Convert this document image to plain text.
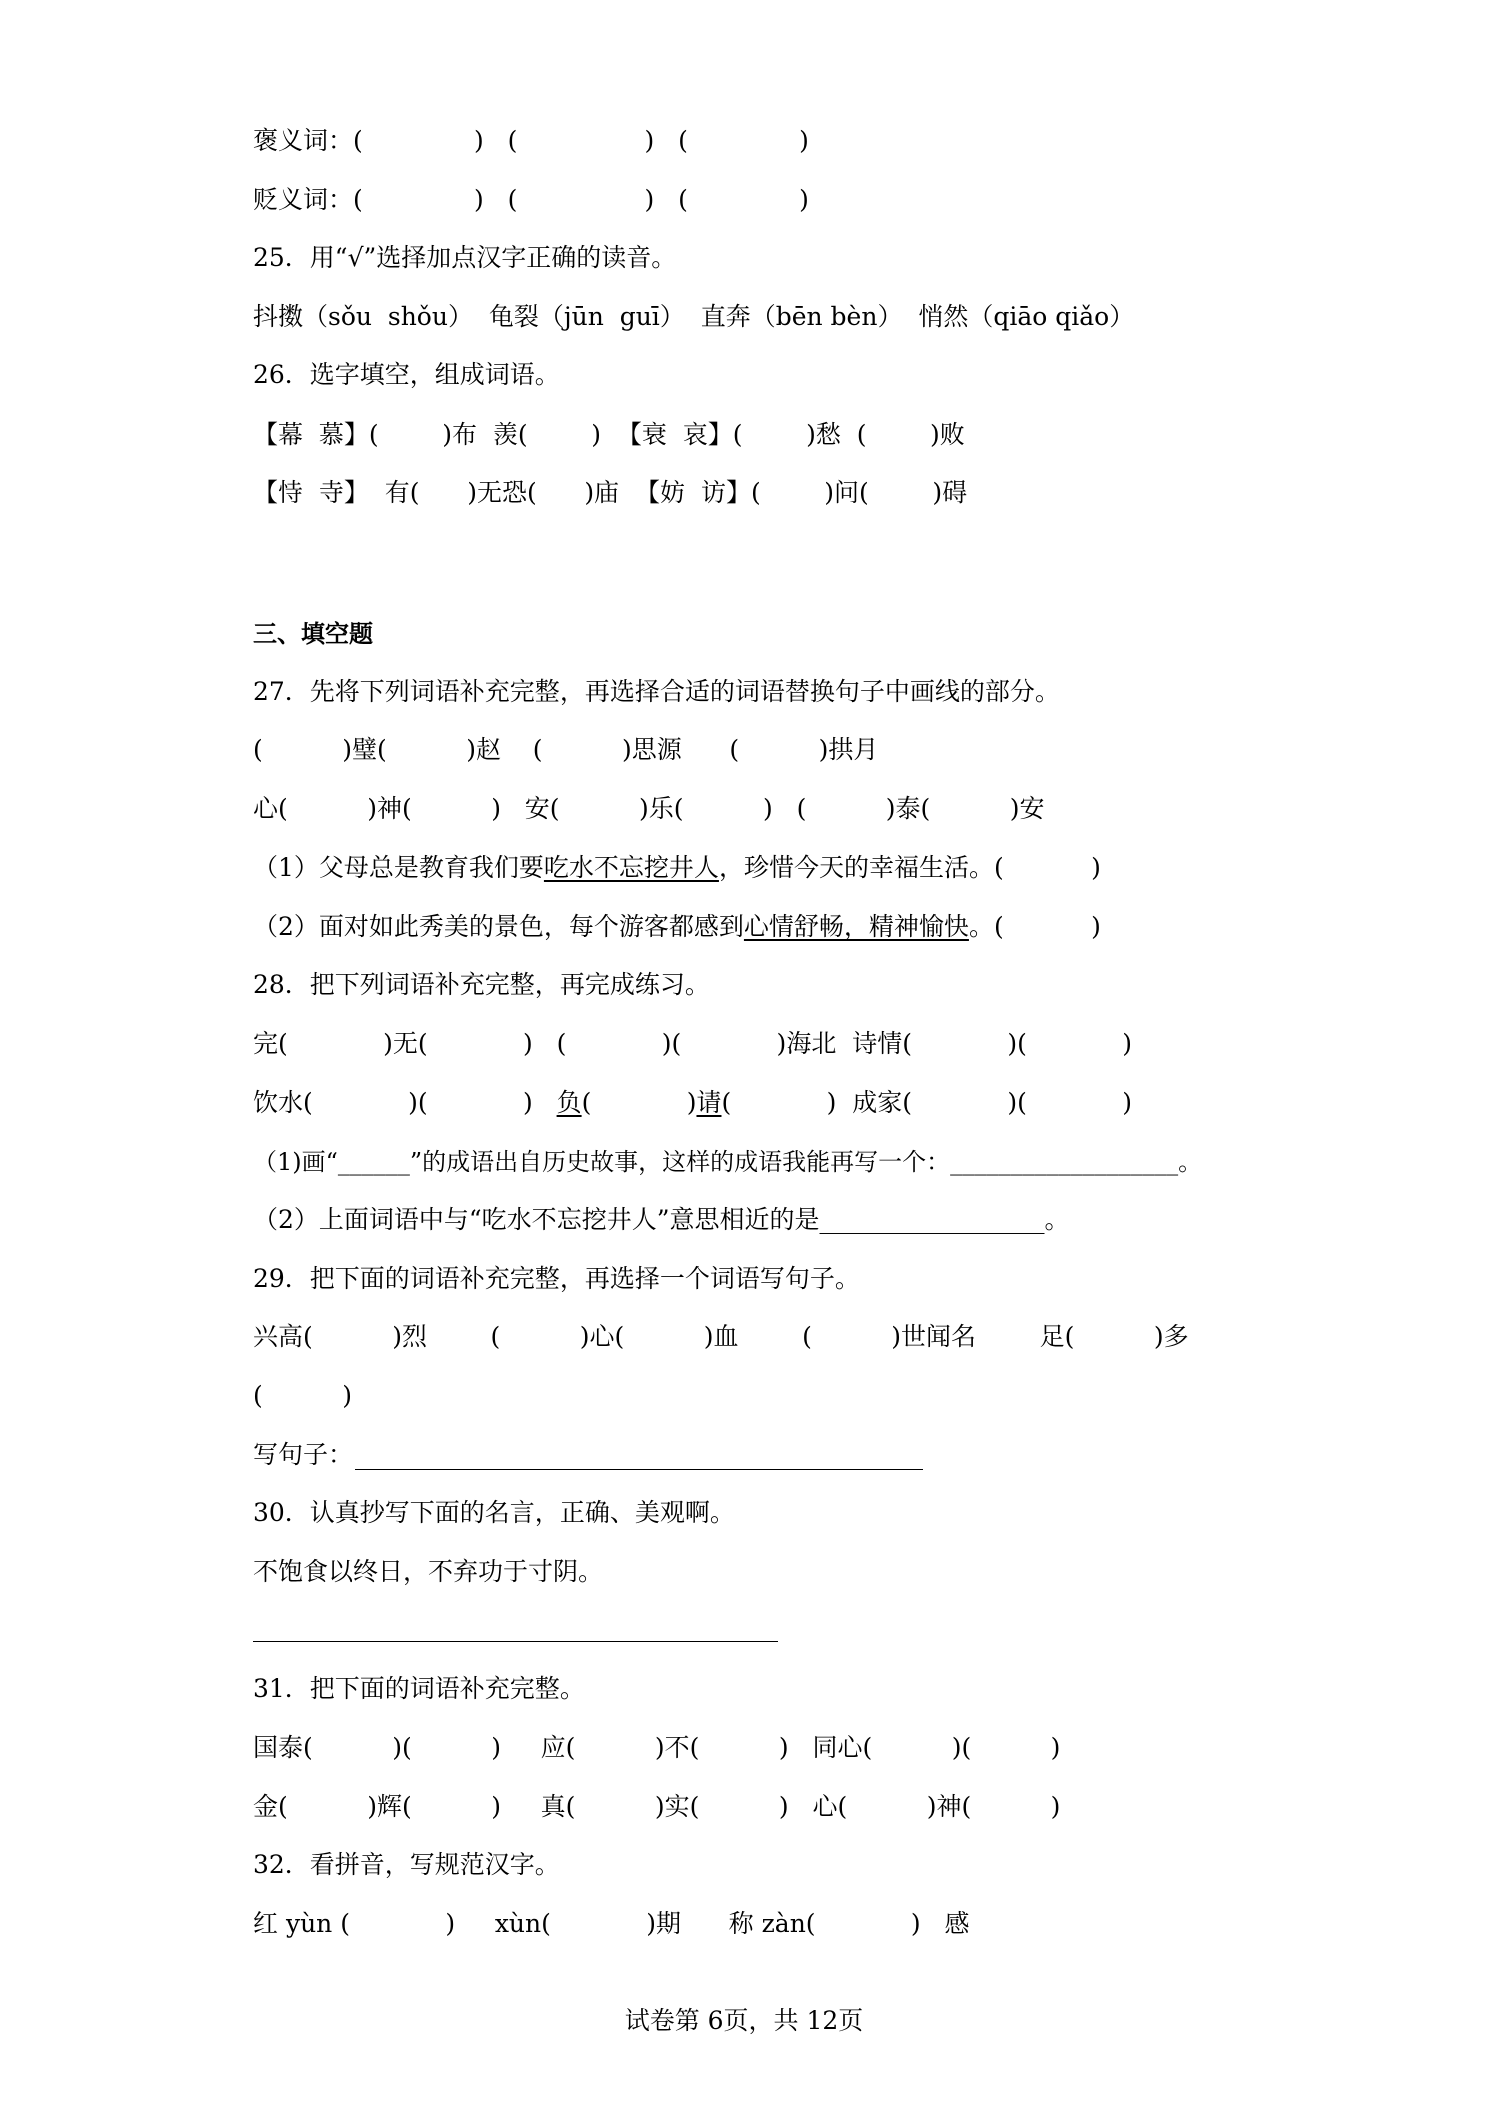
褒义词：(              )   (                )   (              )
贬义词：(              )   (                )   (              )
25．用“√”选择加点汉字正确的读音。
抖擞（sǒu  shǒu）  龟裂（jūn  guī）  直奔（bēn bèn）  悄然（qiāo qiǎo）
26．选字填空，组成词语。
【幕  慕】(        )布  羡(        )  【衰  哀】(        )愁  (        )败
【恃  寺】  有(      )无恐(      )庙  【妨  访】(        )问(        )碍
三、填空题
27．先将下列词语补充完整，再选择合适的词语替换句子中画线的部分。
(          )璧(          )赵    (          )思源      (          )拱月
心(          )神(          )   安(          )乐(          )   (          )泰(          )安
（1）父母总是教育我们要吃水不忘挖井人，珍惜今天的幸福生活。(           )
（2）面对如此秀美的景色，每个游客都感到心情舒畅，精神愉快。(           )
28．把下列词语补充完整，再完成练习。
完(            )无(            )   (            )(            )海北  诗情(            )(            )
饮水(            )(            )   负(            )请(            )  成家(            )(            )
（1)画“______”的成语出自历史故事，这样的成语我能再写一个：___________________。
（2）上面词语中与“吃水不忘挖井人”意思相近的是__________________。
29．把下面的词语补充完整，再选择一个词语写句子。
兴高(          )烈        (          )心(          )血        (          )世闻名        足(          )多
(          )
写句子：
30．认真抄写下面的名言，正确、美观啊。
不饱食以终日，不弃功于寸阴。
31．把下面的词语补充完整。
国泰(          )(          )     应(          )不(          )   同心(          )(          )
金(          )辉(          )     真(          )实(          )   心(          )神(          )
32．看拼音，写规范汉字。
红 yùn (            )     xùn(            )期      称 zàn(            )   感
试卷第 6页，共 12页
